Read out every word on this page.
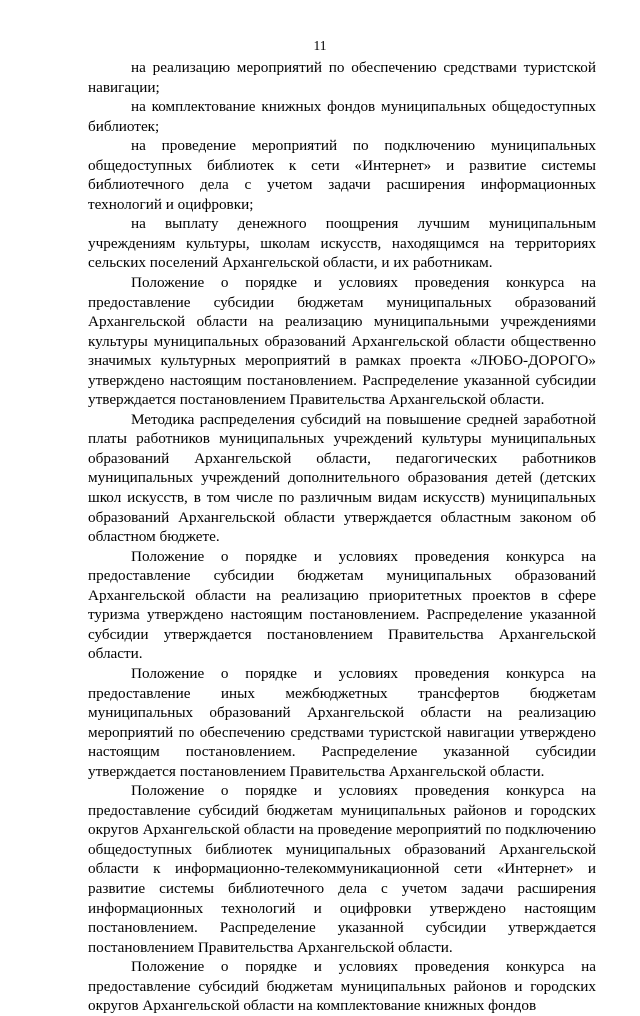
11

на реализацию мероприятий по обеспечению средствами туристской навигации;

на комплектование книжных фондов муниципальных общедоступных библиотек;

на проведение мероприятий по подключению муниципальных общедоступных библиотек к сети «Интернет» и развитие системы библиотечного дела с учетом задачи расширения информационных технологий и оцифровки;

на выплату денежного поощрения лучшим муниципальным учреждениям культуры, школам искусств, находящимся на территориях сельских поселений Архангельской области, и их работникам.

Положение о порядке и условиях проведения конкурса на предоставление субсидии бюджетам муниципальных образований Архангельской области на реализацию муниципальными учреждениями культуры муниципальных образований Архангельской области общественно значимых культурных мероприятий в рамках проекта «ЛЮБО-ДОРОГО» утверждено настоящим постановлением. Распределение указанной субсидии утверждается постановлением Правительства Архангельской области.

Методика распределения субсидий на повышение средней заработной платы работников муниципальных учреждений культуры муниципальных образований Архангельской области, педагогических работников муниципальных учреждений дополнительного образования детей (детских школ искусств, в том числе по различным видам искусств) муниципальных образований Архангельской области утверждается областным законом об областном бюджете.

Положение о порядке и условиях проведения конкурса на предоставление субсидии бюджетам муниципальных образований Архангельской области на реализацию приоритетных проектов в сфере туризма утверждено настоящим постановлением. Распределение указанной субсидии утверждается постановлением Правительства Архангельской области.

Положение о порядке и условиях проведения конкурса на предоставление иных межбюджетных трансфертов бюджетам муниципальных образований Архангельской области на реализацию мероприятий по обеспечению средствами туристской навигации утверждено настоящим постановлением. Распределение указанной субсидии утверждается постановлением Правительства Архангельской области.

Положение о порядке и условиях проведения конкурса на предоставление субсидий бюджетам муниципальных районов и городских округов Архангельской области на проведение мероприятий по подключению общедоступных библиотек муниципальных образований Архангельской области к информационно-телекоммуникационной сети «Интернет» и развитие системы библиотечного дела с учетом задачи расширения информационных технологий и оцифровки утверждено настоящим постановлением. Распределение указанной субсидии утверждается постановлением Правительства Архангельской области.

Положение о порядке и условиях проведения конкурса на предоставление субсидий бюджетам муниципальных районов и городских округов Архангельской области на комплектование книжных фондов
